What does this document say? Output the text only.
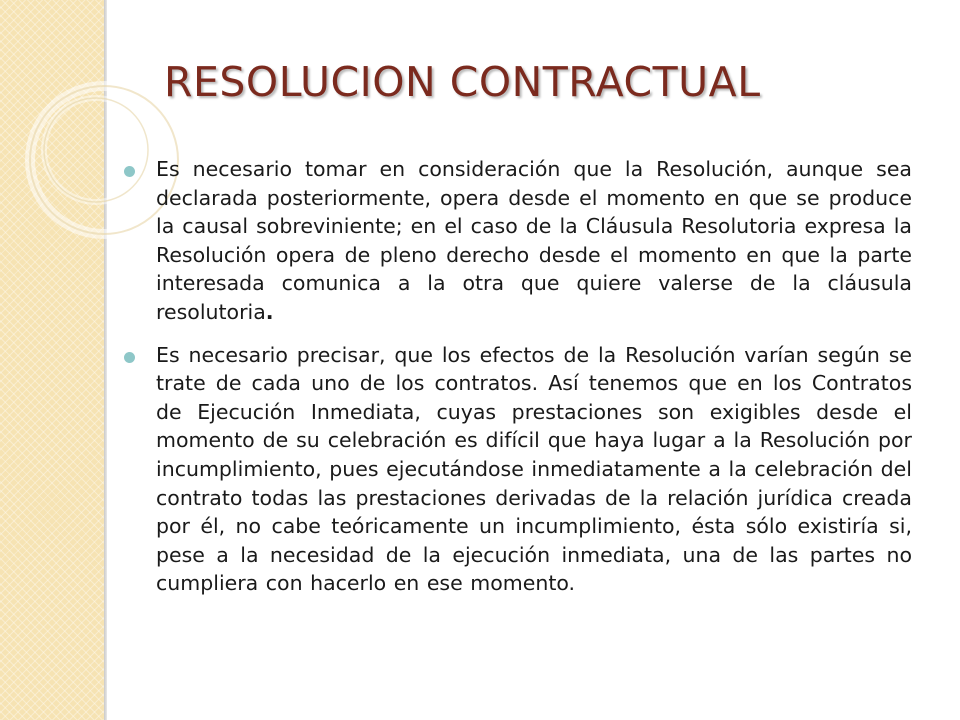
RESOLUCION CONTRACTUAL

Es necesario tomar en consideración que la Resolución, aunque sea declarada posteriormente, opera desde el momento en que se produce la causal sobreviniente; en el caso de la Cláusula Resolutoria expresa la Resolución opera de pleno derecho desde el momento en que la parte interesada comunica a la otra que quiere valerse de la cláusula resolutoria.

Es necesario precisar, que los efectos de la Resolución varían según se trate de cada uno de los contratos. Así tenemos que en los Contratos de Ejecución Inmediata, cuyas prestaciones son exigibles desde el momento de su celebración es difícil que haya lugar a la Resolución por incumplimiento, pues ejecutándose inmediatamente a la celebración del contrato todas las prestaciones derivadas de la relación jurídica creada por él, no cabe teóricamente un incumplimiento, ésta sólo existiría si, pese a la necesidad de la ejecución inmediata, una de las partes no cumpliera con hacerlo en ese momento.
